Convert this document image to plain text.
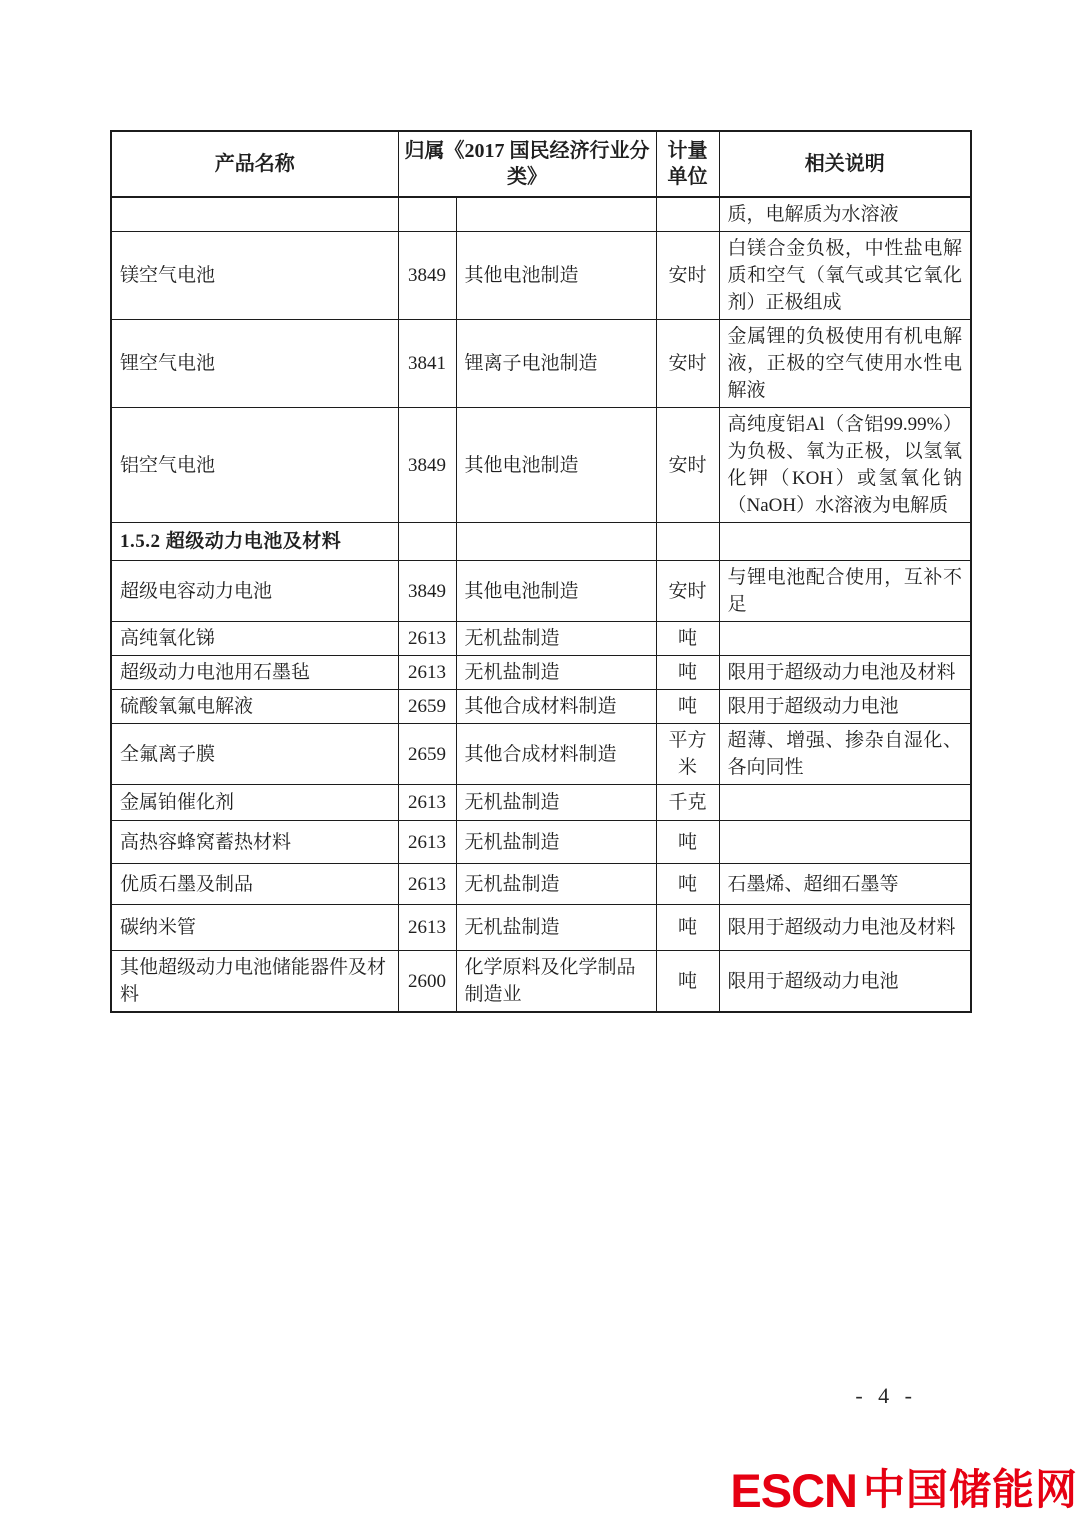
产品名称	归属《2017 国民经济行业分类》		计量单位	相关说明
				质，电解质为水溶液
镁空气电池	3849	其他电池制造	安时	白镁合金负极，中性盐电解质和空气（氧气或其它氧化剂）正极组成
锂空气电池	3841	锂离子电池制造	安时	金属锂的负极使用有机电解液，正极的空气使用水性电解液
铝空气电池	3849	其他电池制造	安时	高纯度铝Al（含铝99.99%）为负极、氧为正极，以氢氧化钾（KOH）或氢氧化钠（NaOH）水溶液为电解质
1.5.2 超级动力电池及材料				
超级电容动力电池	3849	其他电池制造	安时	与锂电池配合使用，互补不足
高纯氧化锑	2613	无机盐制造	吨	
超级动力电池用石墨毡	2613	无机盐制造	吨	限用于超级动力电池及材料
硫酸氧氟电解液	2659	其他合成材料制造	吨	限用于超级动力电池
全氟离子膜	2659	其他合成材料制造	平方米	超薄、增强、掺杂自湿化、各向同性
金属铂催化剂	2613	无机盐制造	千克	
高热容蜂窝蓄热材料	2613	无机盐制造	吨	
优质石墨及制品	2613	无机盐制造	吨	石墨烯、超细石墨等
碳纳米管	2613	无机盐制造	吨	限用于超级动力电池及材料
其他超级动力电池储能器件及材料	2600	化学原料及化学制品制造业	吨	限用于超级动力电池
- 4 -
ESCN 中国储能网
